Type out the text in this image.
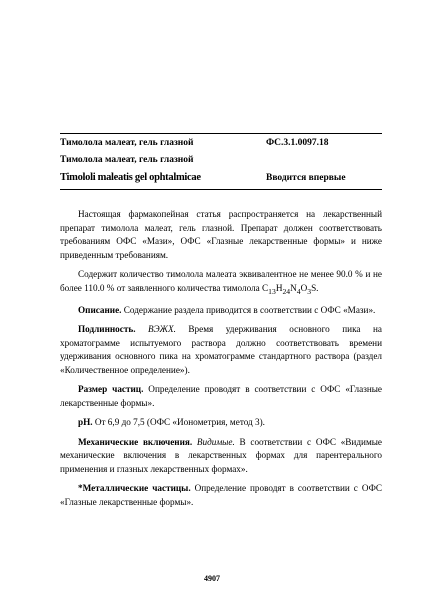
Тимолола малеат, гель глазной	ФС.3.1.0097.18
Тимолола малеат, гель глазной
Timololi maleatis gel ophtalmicae	Вводится впервые

Настоящая фармакопейная статья распространяется на лекарственный препарат тимолола малеат, гель глазной. Препарат должен соответствовать требованиям ОФС «Мази», ОФС «Глазные лекарственные формы» и ниже приведенным требованиям.

Содержит количество тимолола малеата эквивалентное не менее 90.0 % и не более 110.0 % от заявленного количества тимолола $C_{13}H_{24}N_4O_3S$.

Описание. Содержание раздела приводится в соответствии с ОФС «Мази».

Подлинность. ВЭЖХ. Время удерживания основного пика на хроматограмме испытуемого раствора должно соответствовать времени удерживания основного пика на хроматограмме стандартного раствора (раздел «Количественное определение»).

Размер частиц. Определение проводят в соответствии с ОФС «Глазные лекарственные формы».

pH. От 6,9 до 7,5 (ОФС «Ионометрия, метод 3).

Механические включения. Видимые. В соответствии с ОФС «Видимые механические включения в лекарственных формах для парентерального применения и глазных лекарственных формах».

*Металлические частицы. Определение проводят в соответствии с ОФС «Глазные лекарственные формы».

4907
